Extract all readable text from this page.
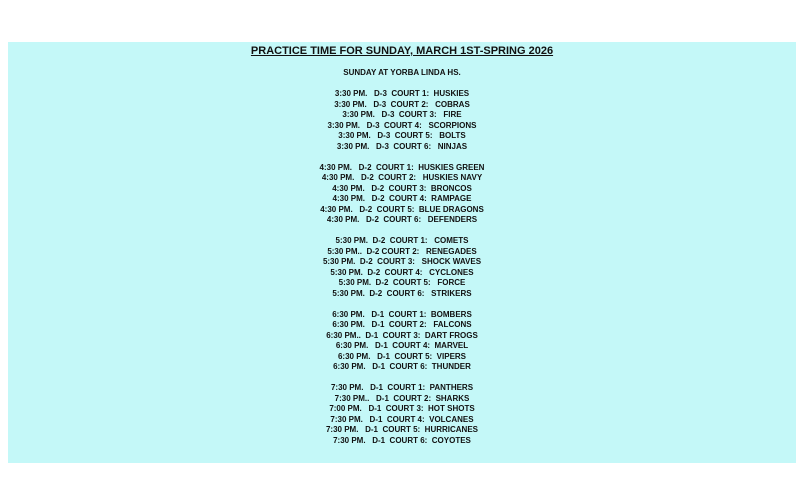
PRACTICE TIME FOR SUNDAY, MARCH 1ST-SPRING 2026
SUNDAY AT YORBA LINDA HS.
3:30 PM.   D-3  COURT 1:  HUSKIES
3:30 PM.   D-3  COURT 2:   COBRAS
3:30 PM.   D-3  COURT 3:   FIRE
3:30 PM.   D-3  COURT 4:   SCORPIONS
3:30 PM.   D-3  COURT 5:   BOLTS
3:30 PM.   D-3  COURT 6:   NINJAS
4:30 PM.   D-2  COURT 1:  HUSKIES GREEN
4:30 PM.   D-2  COURT 2:   HUSKIES NAVY
4:30 PM.   D-2  COURT 3:  BRONCOS
4:30 PM.   D-2  COURT 4:  RAMPAGE
4:30 PM.   D-2  COURT 5:  BLUE DRAGONS
4:30 PM.   D-2  COURT 6:   DEFENDERS
5:30 PM.  D-2  COURT 1:   COMETS
5:30 PM..  D-2 COURT 2:   RENEGADES
5:30 PM.  D-2  COURT 3:   SHOCK WAVES
5:30 PM.  D-2  COURT 4:   CYCLONES
5:30 PM.  D-2  COURT 5:   FORCE
5:30 PM.  D-2  COURT 6:   STRIKERS
6:30 PM.   D-1  COURT 1:  BOMBERS
6:30 PM.   D-1  COURT 2:   FALCONS
6:30 PM..  D-1  COURT 3:  DART FROGS
6:30 PM.   D-1  COURT 4:  MARVEL
6:30 PM.   D-1  COURT 5:  VIPERS
6:30 PM.   D-1  COURT 6:  THUNDER
7:30 PM.   D-1  COURT 1:  PANTHERS
7:30 PM..   D-1  COURT 2:  SHARKS
7:00 PM.   D-1  COURT 3:  HOT SHOTS
7:30 PM.   D-1  COURT 4:  VOLCANES
7:30 PM.   D-1  COURT 5:  HURRICANES
7:30 PM.   D-1  COURT 6:  COYOTES
